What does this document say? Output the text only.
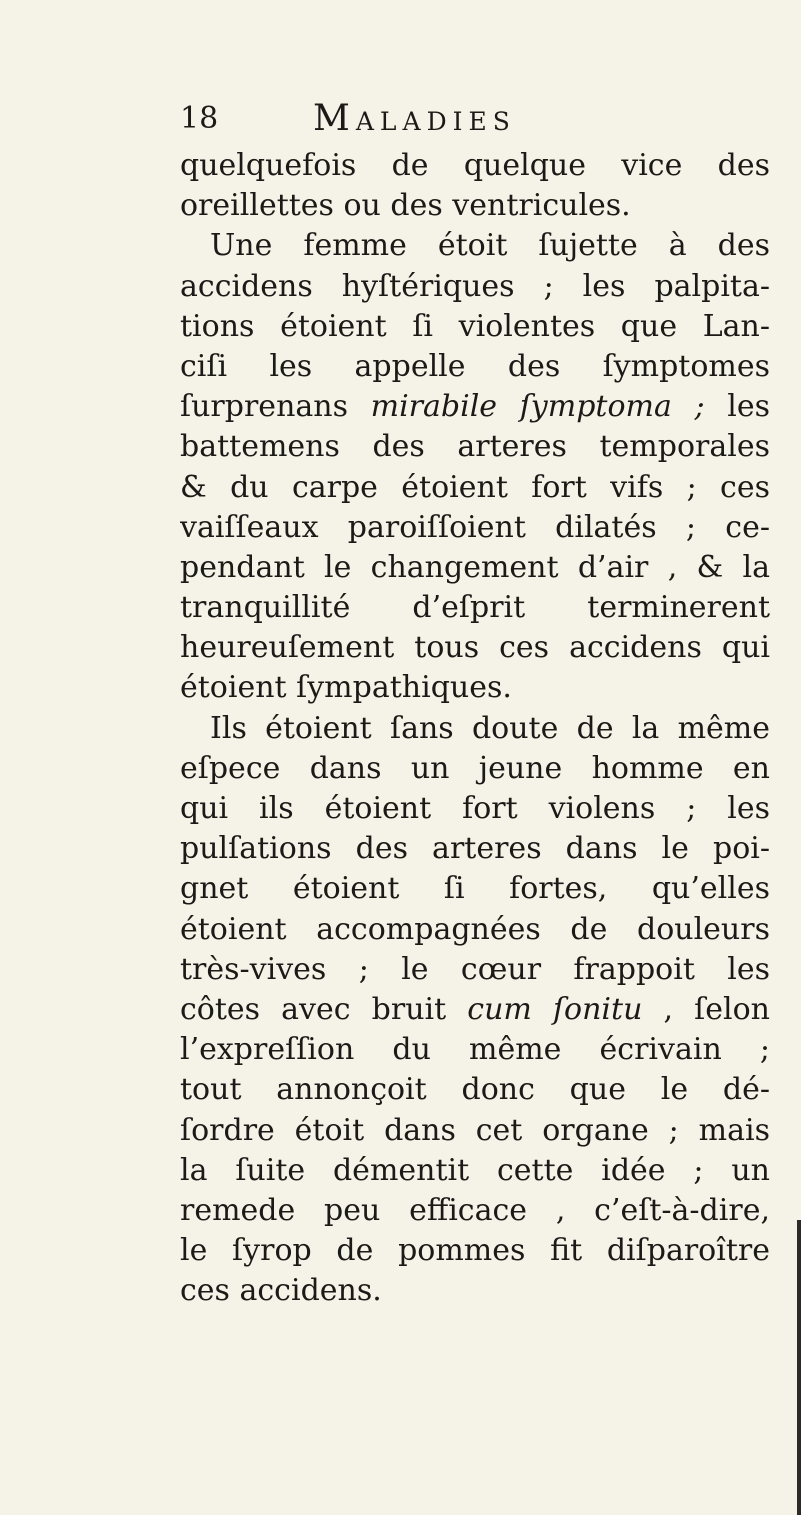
18	Maladies
quelquefois de quelque vice des
oreillettes ou des ventricules.
Une femme étoit ſujette à des
accidens hyſtériques ; les palpita-
tions étoient ſi violentes que Lan-
ciſi les appelle des ſymptomes
ſurprenans mirabile ſymptoma ; les
battemens des arteres temporales
& du carpe étoient fort vifs ; ces
vaiſſeaux paroiſſoient dilatés ; ce-
pendant le changement d’air , & la
tranquillité d’eſprit terminerent
heureuſement tous ces accidens qui
étoient ſympathiques.
Ils étoient ſans doute de la même
eſpece dans un jeune homme en
qui ils étoient fort violens ; les
pulſations des arteres dans le poi-
gnet étoient ſi fortes, qu’elles
étoient accompagnées de douleurs
très-vives ; le cœur frappoit les
côtes avec bruit cum ſonitu , ſelon
l’expreſſion du même écrivain ;
tout annonçoit donc que le dé-
ſordre étoit dans cet organe ; mais
la ſuite démentit cette idée ; un
remede peu efficace , c’eſt-à-dire,
le ſyrop de pommes fit diſparoître
ces accidens.
